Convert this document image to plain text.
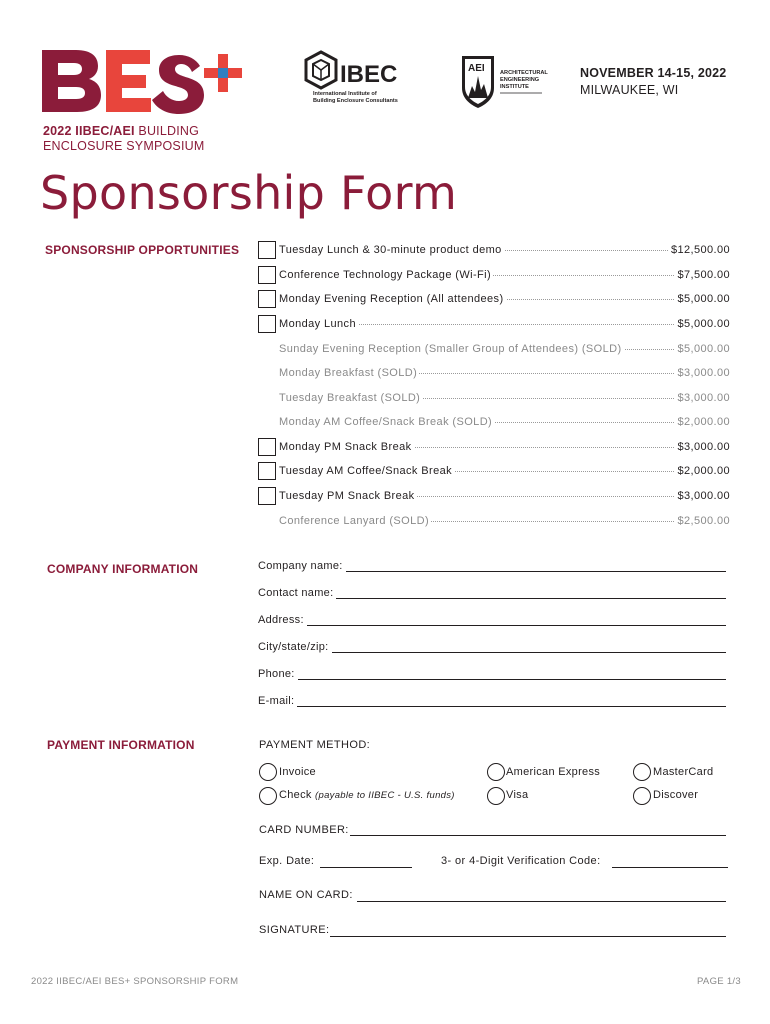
IBEC
International Institute of
Building Enclosure Consultants
AEI	ARCHITECTURAL
ENGINEERING
INSTITUTE
NOVEMBER 14-15, 2022
MILWAUKEE, WI
2022 IIBEC/AEI BUILDING
ENCLOSURE SYMPOSIUM
Sponsorship Form
SPONSORSHIP OPPORTUNITIES	Tuesday Lunch & 30-minute product demo	$12,500.00
Conference Technology Package (Wi-Fi)	$7,500.00
Monday Evening Reception (All attendees)	$5,000.00
Monday Lunch	$5,000.00
Sunday Evening Reception (Smaller Group of Attendees) (SOLD)	$5,000.00
Monday Breakfast (SOLD)	$3,000.00
Tuesday Breakfast (SOLD)	$3,000.00
Monday AM Coffee/Snack Break (SOLD)	$2,000.00
Monday PM Snack Break	$3,000.00
Tuesday AM Coffee/Snack Break	$2,000.00
Tuesday PM Snack Break	$3,000.00
Conference Lanyard (SOLD)	$2,500.00
COMPANY INFORMATION	Company name:
Contact name:
Address:
City/state/zip:
Phone:
E-mail:
PAYMENT INFORMATION	PAYMENT METHOD:
Invoice
Check (payable to IIBEC - U.S. funds)
American Express
Visa
MasterCard
Discover
CARD NUMBER:
Exp. Date:	3- or 4-Digit Verification Code:
NAME ON CARD:
SIGNATURE:
2022 IIBEC/AEI BES+ SPONSORSHIP FORM	PAGE 1/3
